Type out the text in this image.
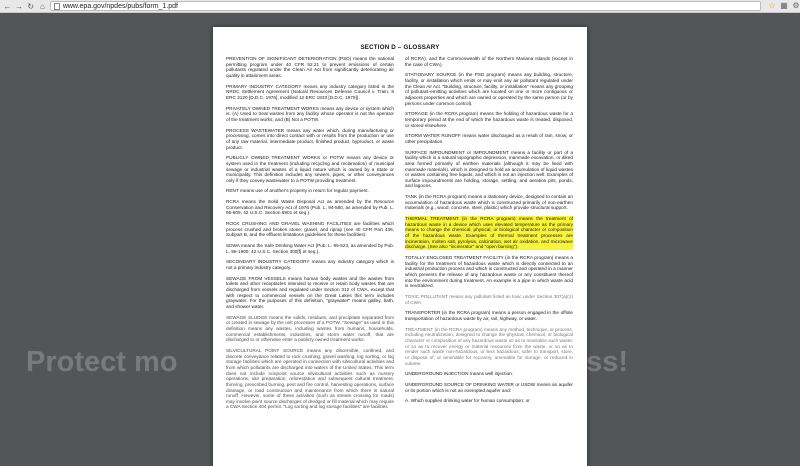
← → ↻ ⌂	www.epa.gov/npdes/pubs/form_1.pdf	☆ ▦ ⚙
SECTION D – GLOSSARY

PREVENTION OF SIGNIFICANT DETERIORATION (PSD) means the national permitting program under 40 CFR 52.21 to prevent emissions of certain pollutants regulated under the Clean Air Act from significantly deteriorating air quality in attainment areas.

PRIMARY INDUSTRY CATEGORY means any industry category listed in the NRDC Settlement Agreement (Natural Resources Defense Council v. Train, 8 ERC 2120 [D.D.C. 1976], modified 12 ERC 1833 [D.D.C. 1979]).

PRIVATELY OWNED TREATMENT WORKS means any device or system which is: (A) Used to treat wastes from any facility whose operator is not the operator of the treatment works; and (B) Not a POTW.

PROCESS WASTEWATER means any water which, during manufacturing or processing, comes into direct contact with or results from the production or use of any raw material, intermediate product, finished product, byproduct, or waste product.

PUBLICLY OWNED TREATMENT WORKS or POTW means any device or system used in the treatment (including recycling and reclamation) of municipal sewage or industrial wastes of a liquid nature which is owned by a State or municipality. This definition includes any sewers, pipes, or other conveyances only if they convey wastewater to a POTW providing treatment.

RENT means use of another's property in return for regular payment.

RCRA means the Solid Waste Disposal Act as amended by the Resource Conservation and Recovery Act of 1976 (Pub. L. 94-580, as amended by Pub. L. 95-609, 42 U.S.C. Section 6901 et seq.).

ROCK CRUSHING AND GRAVEL WASHING FACILITIES are facilities which process crushed and broken stone, gravel, and riprap (see 40 CFR Part 436, Subpart B, and the effluent limitations guidelines for these facilities).

SDWA means the Safe Drinking Water Act (Pub. L. 95-523, as amended by Pub. L. 95-1900; 42 U.S.C. Section 300[f] et seq.).

SECONDARY INDUSTRY CATEGORY means any industry category which is not a primary industry category.

SEWAGE FROM VESSELS means human body wastes and the wastes from toilets and other receptacles intended to receive or retain body wastes that are discharged from vessels and regulated under Section 312 of CWA, except that with respect to commercial vessels on the Great Lakes this term includes graywater. For the purposes of this definition, "graywater" means galley, bath, and shower water.

SEWAGE SLUDGE means the solids, residues, and precipitate separated from or created in sewage by the unit processes of a POTW. "Sewage" as used in this definition means any wastes, including wastes from humans, households, commercial establishments, industries, and storm water runoff, that are discharged to or otherwise enter a publicly owned treatment works.

SILVICULTURAL POINT SOURCE means any discernible, confined, and discrete conveyance related to rock crushing, gravel washing, log sorting, or log storage facilities which are operated in connection with silvicultural activities and from which pollutants are discharged into waters of the United States. This term does not include nonpoint source silvicultural activities such as nursery operations, site preparation, reforestation and subsequent cultural treatment, thinning, prescribed burning, pest and fire control, harvesting operations, surface drainage, or road construction and maintenance from which there is natural runoff. However, some of these activities (such as stream crossing for roads) may involve point source discharges of dredged or fill material which may require a CWA Section 404 permit. "Log sorting and log storage facilities" are facilities

of RCRA), and the Commonwealth of the Northern Mariana Islands (except in the case of CWA).

STATIONARY SOURCE (in the PSD program) means any building, structure, facility, or installation which emits or may emit any air pollutant regulated under the Clean Air Act. "Building, structure, facility, or installation" means any grouping of pollutant-emitting activities which are located on one or more contiguous or adjacent properties and which are owned or operated by the same person (or by persons under common control).

STORAGE (in the RCRA program) means the holding of hazardous waste for a temporary period at the end of which the hazardous waste is treated, disposed, or stored elsewhere.

STORM WATER RUNOFF means water discharged as a result of rain, snow, or other precipitation.

SURFACE IMPOUNDMENT or IMPOUNDMENT means a facility or part of a facility which is a natural topographic depression, manmade excavation, or diked area formed primarily of earthen materials (although it may be lined with manmade materials), which is designed to hold an accumulation of liquid wastes or wastes containing free liquids, and which is not an injection well. Examples of surface impoundments are holding, storage, settling, and aeration pits, ponds, and lagoons.

TANK (in the RCRA program) means a stationary device, designed to contain an accumulation of hazardous waste which is constructed primarily of non-earthen materials (e.g., wood, concrete, steel, plastic) which provide structural support.

THERMAL TREATMENT (in the RCRA program) means the treatment of hazardous waste in a device which uses elevated temperature as the primary means to change the chemical, physical, or biological character or composition of the hazardous waste. Examples of thermal treatment processes are incineration, molten salt, pyrolysis, calcination, wet air oxidation, and microwave discharge. (See also "incinerator" and "open burning").

TOTALLY ENCLOSED TREATMENT FACILITY (in the RCRA program) means a facility for the treatment of hazardous waste which is directly connected to an industrial production process and which is constructed and operated in a manner which prevents the release of any hazardous waste or any constituent thereof into the environment during treatment. An example is a pipe in which waste acid is neutralized.

TOXIC POLLUTANT means any pollutant listed as toxic under Section 307(a)(1) of CWA.

TRANSPORTER (in the RCRA program) means a person engaged in the offsite transportation of hazardous waste by air, rail, highway, or water.

TREATMENT (in the RCRA program) means any method, technique, or process, including neutralization, designed to change the physical, chemical, or biological character or composition of any hazardous waste so as to neutralize such waste, or so as to recover energy or material resources from the waste, or so as to render such waste non-hazardous, or less hazardous; safer to transport, store, or dispose of; or amenable for recovery, amenable for storage, or reduced in volume.

UNDERGROUND INJECTION means well injection.

UNDERGROUND SOURCE OF DRINKING WATER or USDW means an aquifer or its portion which is not an exempted aquifer and:

A. Which supplies drinking water for human consumption; or

Protect mo	ess!
